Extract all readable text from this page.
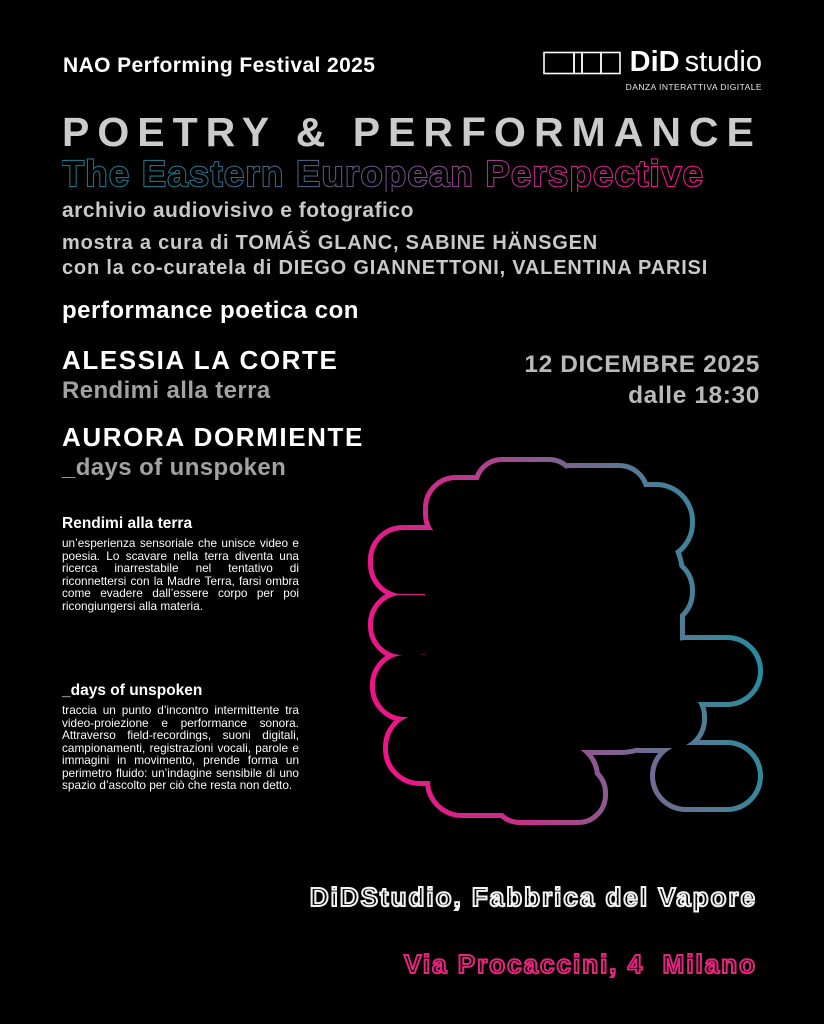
NAO Performing Festival 2025	DiD studio
DANZA INTERATTIVA DIGITALE
POETRY & PERFORMANCE
The Eastern European Perspective
archivio audiovisivo e fotografico
mostra a cura di TOMÁŠ GLANC, SABINE HÄNSGEN
con la co-curatela di DIEGO GIANNETTONI, VALENTINA PARISI
performance poetica con
ALESSIA LA CORTE
Rendimi alla terra
12 DICEMBRE 2025
dalle 18:30
AURORA DORMIENTE
_days of unspoken

Rendimi alla terra

un’esperienza sensoriale che unisce video e poesia. Lo scavare nella terra diventa una ricerca inarrestabile nel tentativo di riconnettersi con la Madre Terra, farsi ombra come evadere dall’essere corpo per poi ricongiungersi alla materia.

_days of unspoken

traccia un punto d’incontro intermittente tra video-proiezione e performance sonora. Attraverso field-recordings, suoni digitali, campionamenti, registrazioni vocali, parole e immagini in movimento, prende forma un perimetro fluido: un’indagine sensibile di uno spazio d’ascolto per ciò che resta non detto.

DiDStudio, Fabbrica del Vapore

Via Procaccini, 4  Milano
